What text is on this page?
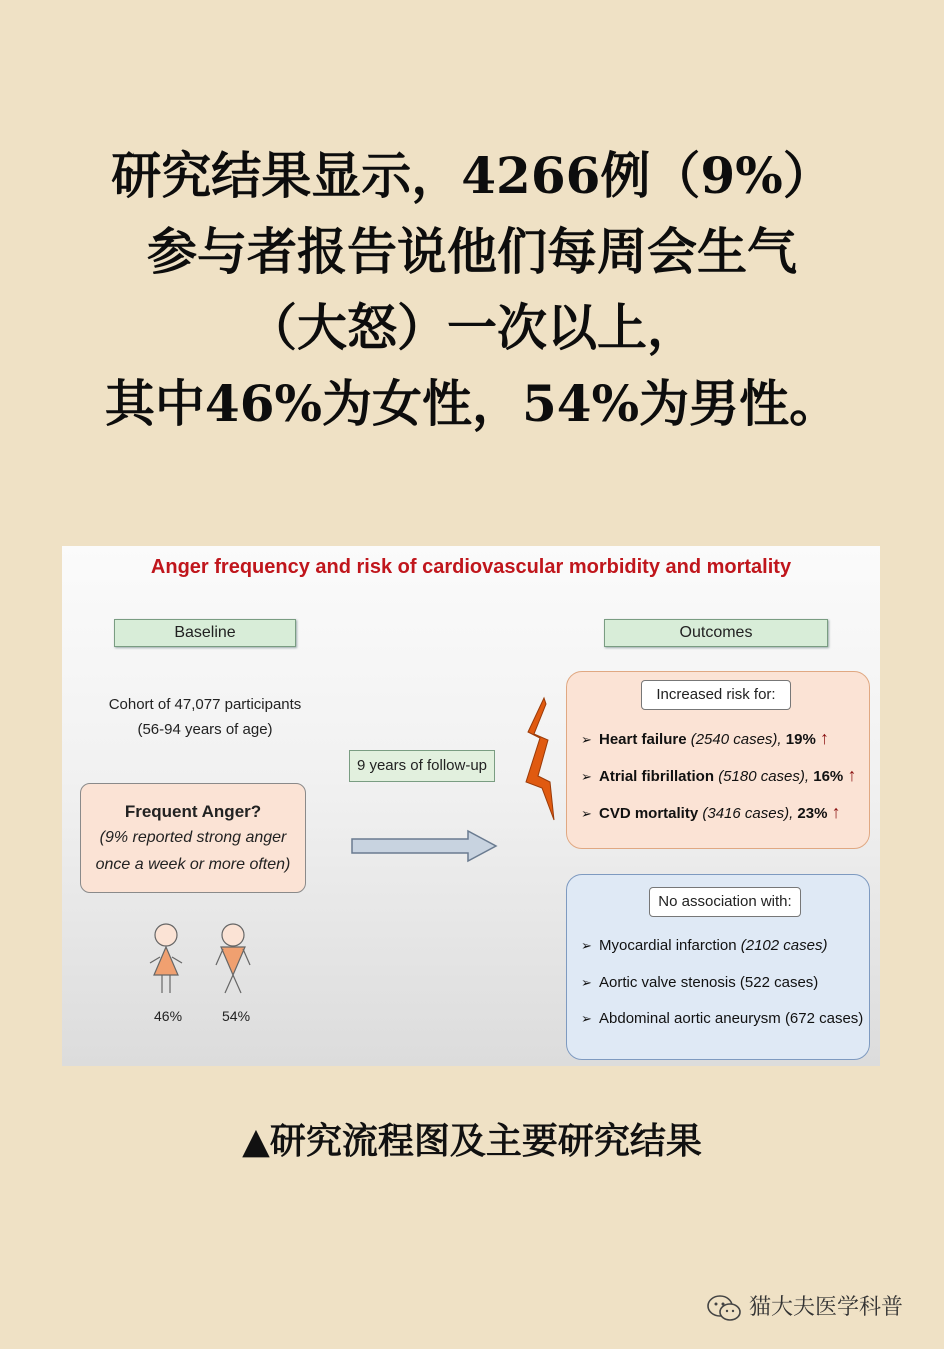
研究结果显示，4266例（9%）
参与者报告说他们每周会生气
（大怒）一次以上，
其中46%为女性，54%为男性。
Anger frequency and risk of cardiovascular morbidity and mortality
Baseline	Outcomes
Cohort of 47,077 participants
(56-94 years of age)
Frequent Anger?
(9% reported strong anger
once a week or more often)
9 years of follow-up
46%	54%
Increased risk for:
➢ Heart failure (2540 cases), 19% ↑
➢ Atrial fibrillation (5180 cases), 16% ↑
➢ CVD mortality (3416 cases), 23% ↑
No association with:
➢ Myocardial infarction (2102 cases)
➢ Aortic valve stenosis (522 cases)
➢ Abdominal aortic aneurysm (672 cases)
▲研究流程图及主要研究结果
猫大夫医学科普
